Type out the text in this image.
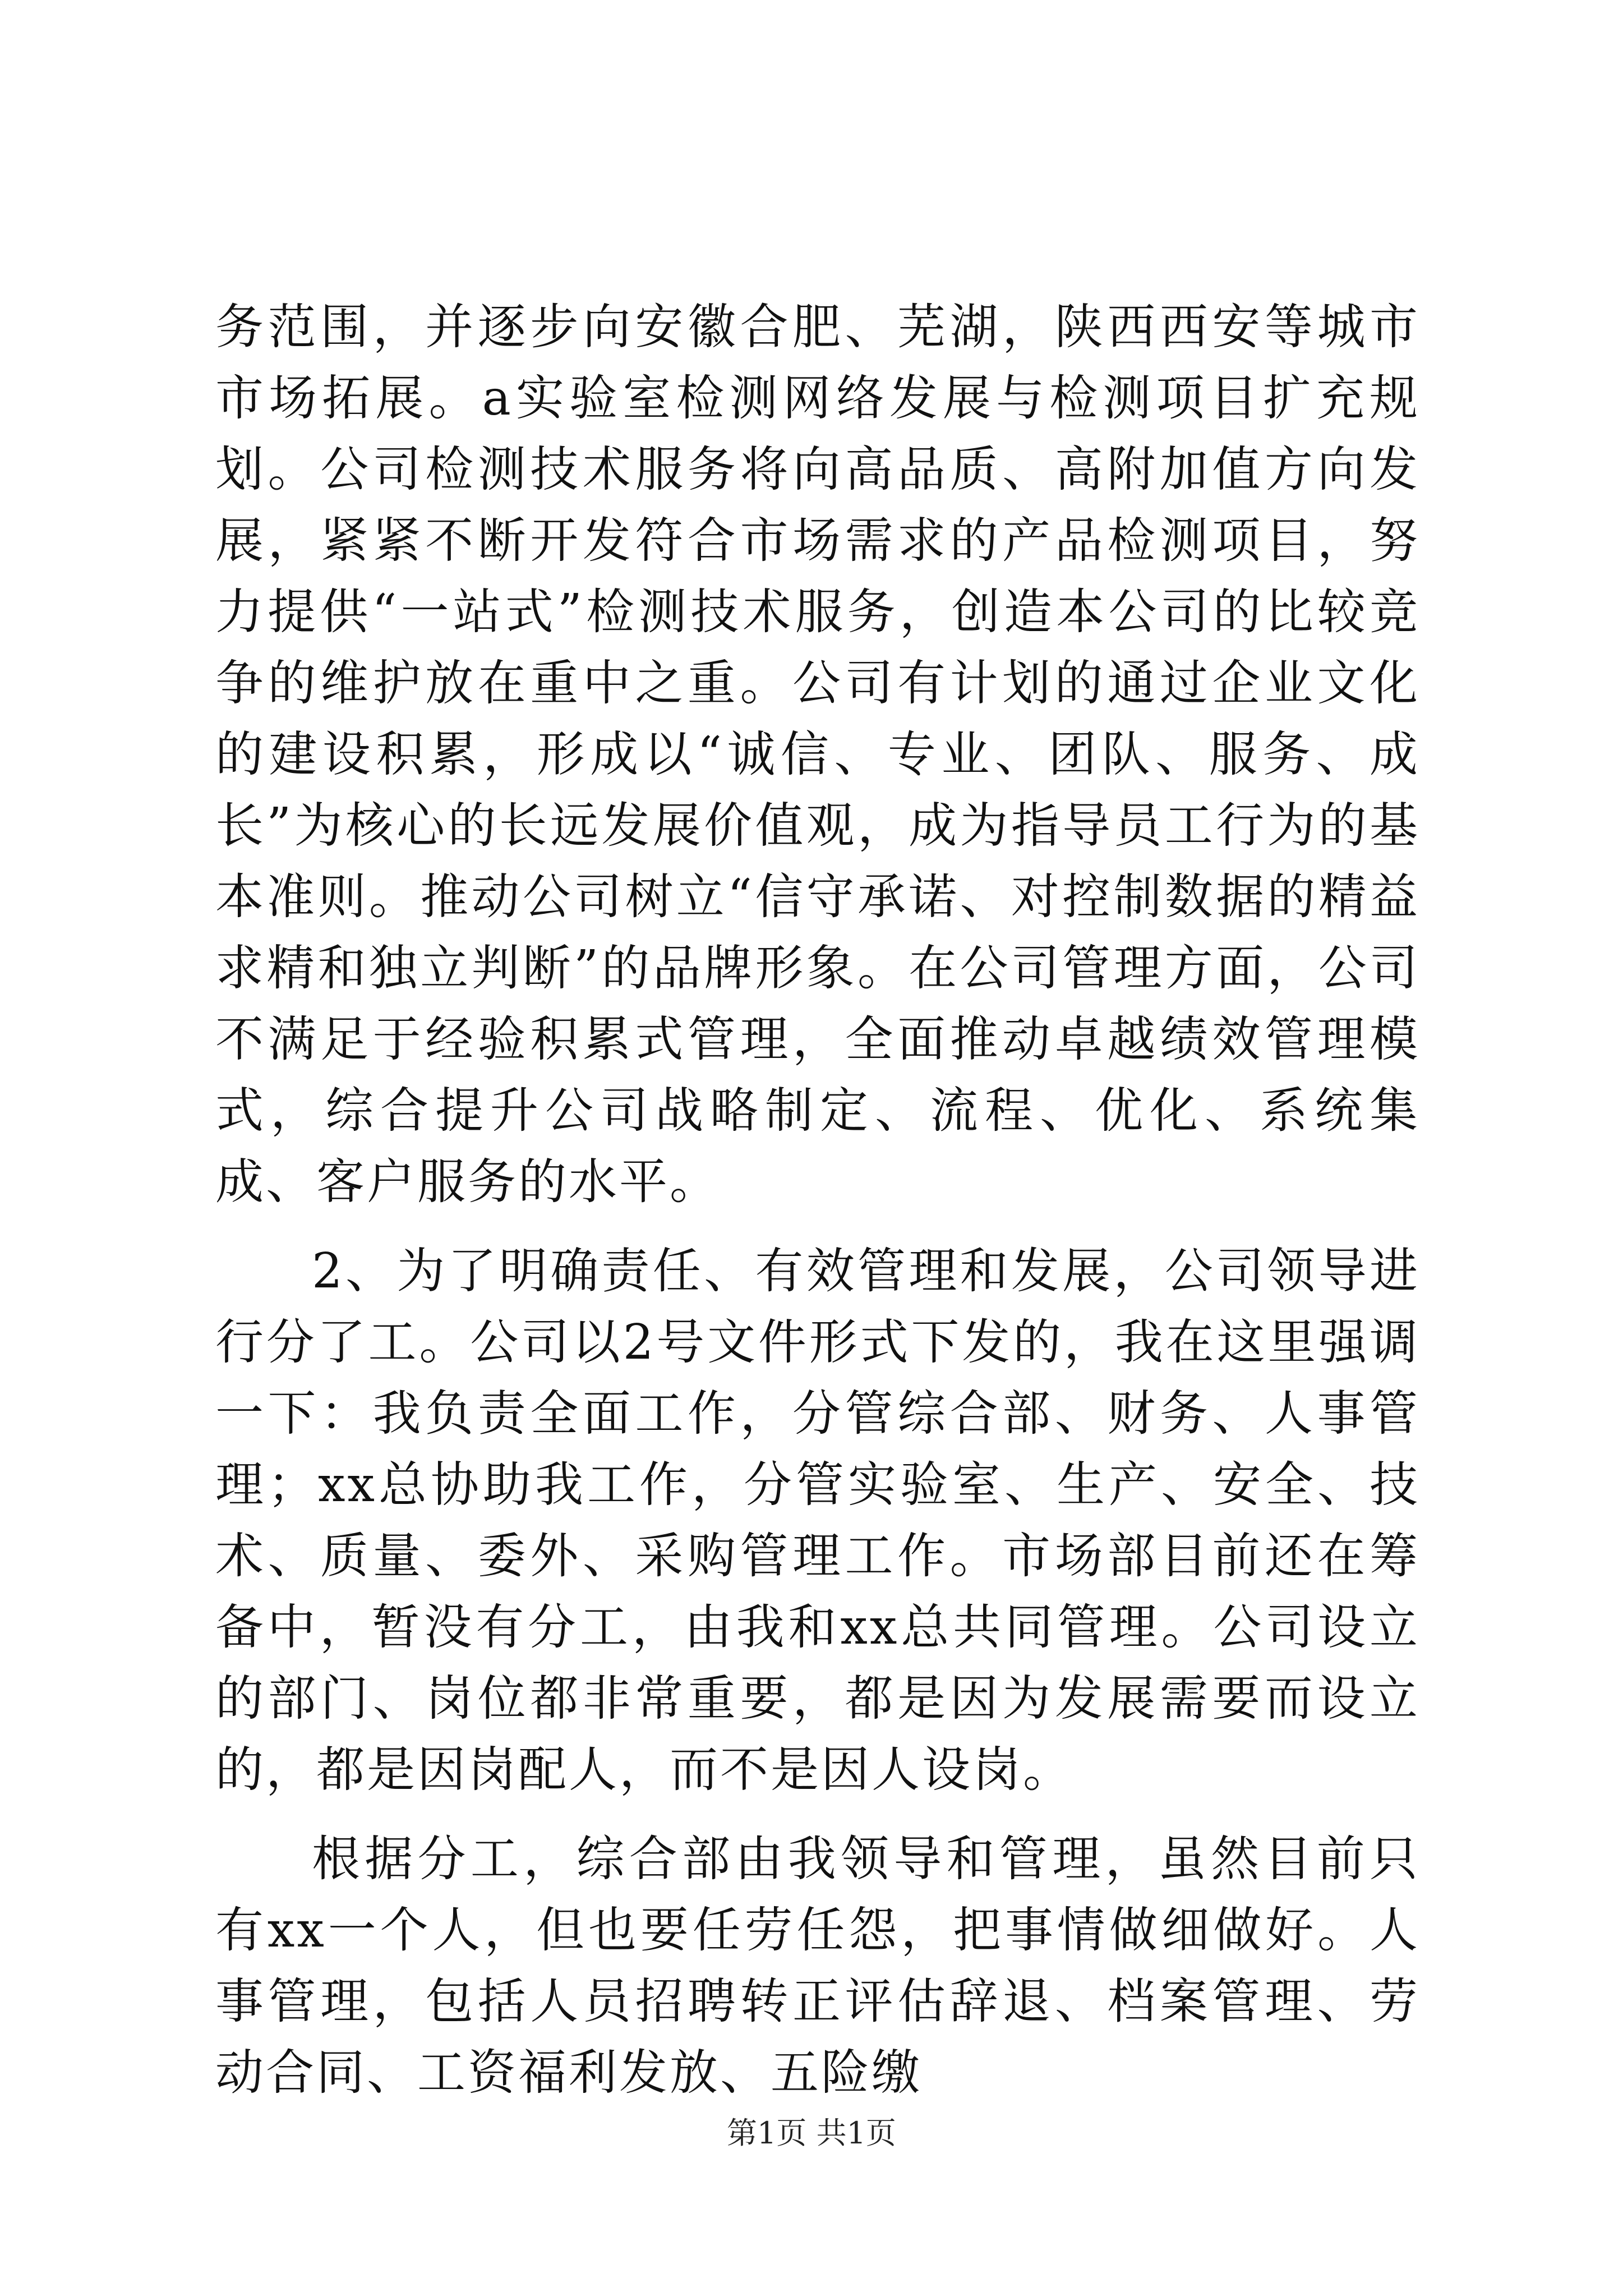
务范围，并逐步向安徽合肥、芜湖，陕西西安等城市市场拓展。a实验室检测网络发展与检测项目扩充规划。公司检测技术服务将向高品质、高附加值方向发展，紧紧不断开发符合市场需求的产品检测项目，努力提供“一站式”检测技术服务，创造本公司的比较竞争的维护放在重中之重。公司有计划的通过企业文化的建设积累，形成以“诚信、专业、团队、服务、成长”为核心的长远发展价值观，成为指导员工行为的基本准则。推动公司树立“信守承诺、对控制数据的精益求精和独立判断”的品牌形象。在公司管理方面，公司不满足于经验积累式管理，全面推动卓越绩效管理模式，综合提升公司战略制定、流程、优化、系统集成、客户服务的水平。

2、为了明确责任、有效管理和发展，公司领导进行分了工。公司以2号文件形式下发的，我在这里强调一下：我负责全面工作，分管综合部、财务、人事管理；xx总协助我工作，分管实验室、生产、安全、技术、质量、委外、采购管理工作。市场部目前还在筹备中，暂没有分工，由我和xx总共同管理。公司设立的部门、岗位都非常重要，都是因为发展需要而设立的，都是因岗配人，而不是因人设岗。

根据分工，综合部由我领导和管理，虽然目前只有xx一个人，但也要任劳任怨，把事情做细做好。人事管理，包括人员招聘转正评估辞退、档案管理、劳动合同、工资福利发放、五险缴

第1页 共1页
